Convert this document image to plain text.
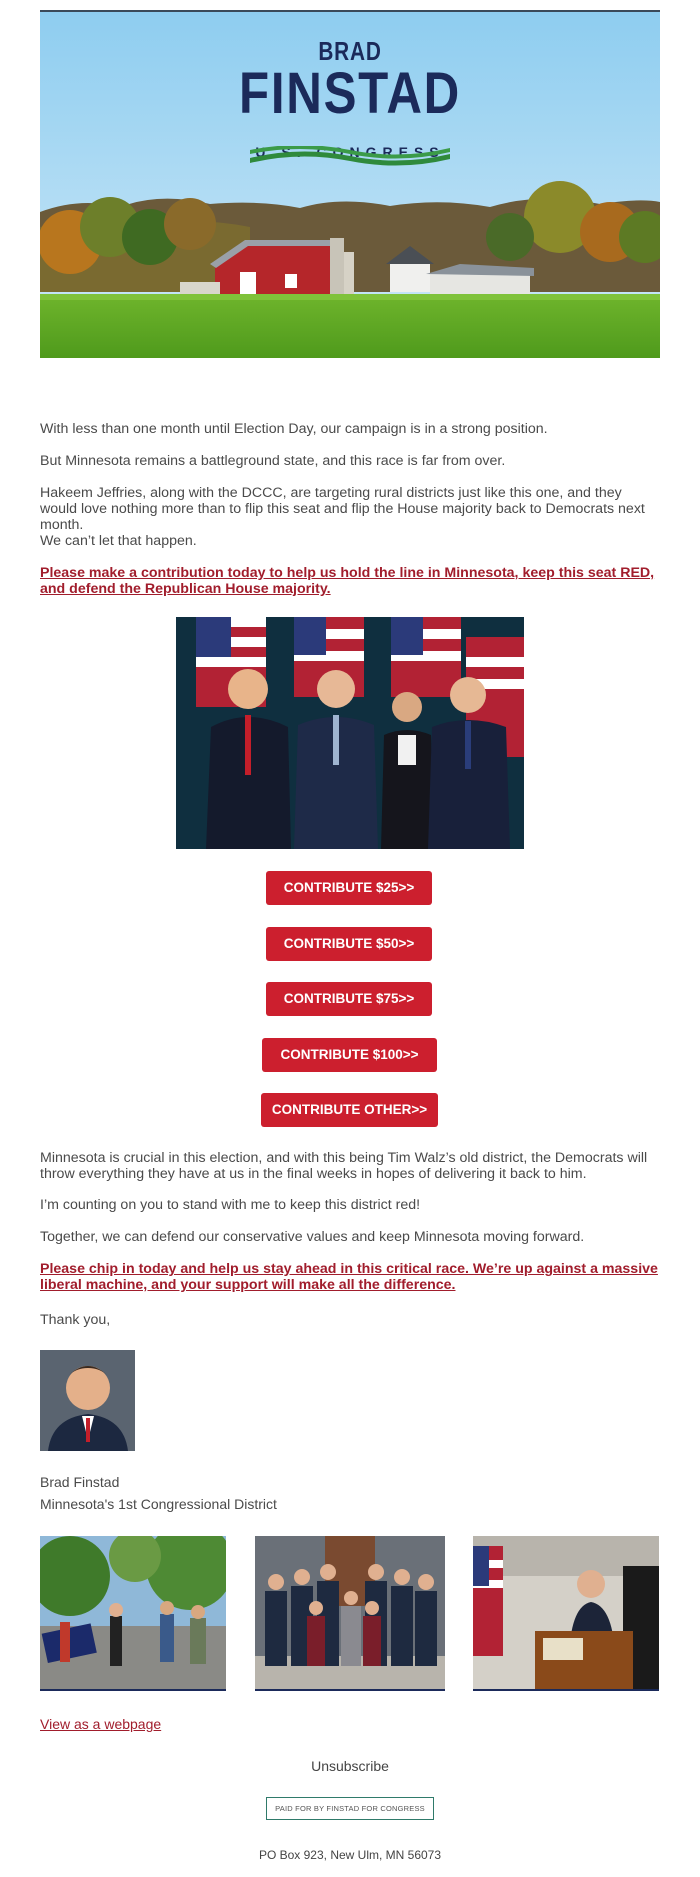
BRAD
FINSTAD

With less than one month until Election Day, our campaign is in a strong position.

But Minnesota remains a battleground state, and this race is far from over.

Hakeem Jeffries, along with the DCCC, are targeting rural districts just like this one, and they would love nothing more than to flip this seat and flip the House majority back to Democrats next month.

We can’t let that happen.

Please make a contribution today to help us hold the line in Minnesota, keep this seat RED, and defend the Republican House majority.

CONTRIBUTE $25>>
CONTRIBUTE $50>>
CONTRIBUTE $75>>
CONTRIBUTE $100>>
CONTRIBUTE OTHER>>

Minnesota is crucial in this election, and with this being Tim Walz’s old district, the Democrats will throw everything they have at us in the final weeks in hopes of delivering it back to him.

I’m counting on you to stand with me to keep this district red!

Together, we can defend our conservative values and keep Minnesota moving forward.

Please chip in today and help us stay ahead in this critical race. We’re up against a massive liberal machine, and your support will make all the difference.

Thank you,

Brad Finstad
Minnesota's 1st Congressional District
View as a webpage
Unsubscribe
PAID FOR BY FINSTAD FOR CONGRESS
PO Box 923, New Ulm, MN 56073
